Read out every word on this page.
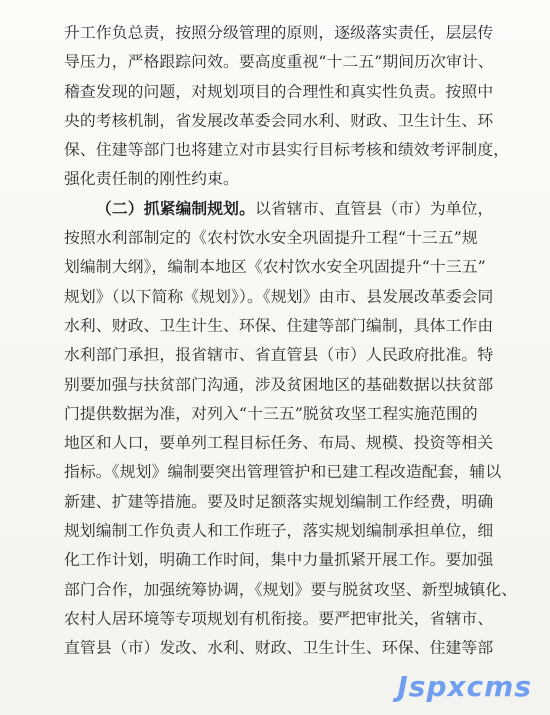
升工作负总责，按照分级管理的原则，逐级落实责任，层层传
导压力，严格跟踪问效。要高度重视“十二五”期间历次审计、
稽查发现的问题，对规划项目的合理性和真实性负责。按照中
央的考核机制，省发展改革委会同水利、财政、卫生计生、环
保、住建等部门也将建立对市县实行目标考核和绩效考评制度，
强化责任制的刚性约束。
（二）抓紧编制规划。以省辖市、直管县（市）为单位，
按照水利部制定的《农村饮水安全巩固提升工程“十三五”规
划编制大纲》，编制本地区《农村饮水安全巩固提升“十三五”
规划》（以下简称《规划》）。《规划》由市、县发展改革委会同
水利、财政、卫生计生、环保、住建等部门编制，具体工作由
水利部门承担，报省辖市、省直管县（市）人民政府批准。特
别要加强与扶贫部门沟通，涉及贫困地区的基础数据以扶贫部
门提供数据为准，对列入“十三五”脱贫攻坚工程实施范围的
地区和人口，要单列工程目标任务、布局、规模、投资等相关
指标。《规划》编制要突出管理管护和已建工程改造配套，辅以
新建、扩建等措施。要及时足额落实规划编制工作经费，明确
规划编制工作负责人和工作班子，落实规划编制承担单位，细
化工作计划，明确工作时间，集中力量抓紧开展工作。要加强
部门合作，加强统筹协调，《规划》要与脱贫攻坚、新型城镇化、
农村人居环境等专项规划有机衔接。要严把审批关，省辖市、
直管县（市）发改、水利、财政、卫生计生、环保、住建等部
Jspxcms
